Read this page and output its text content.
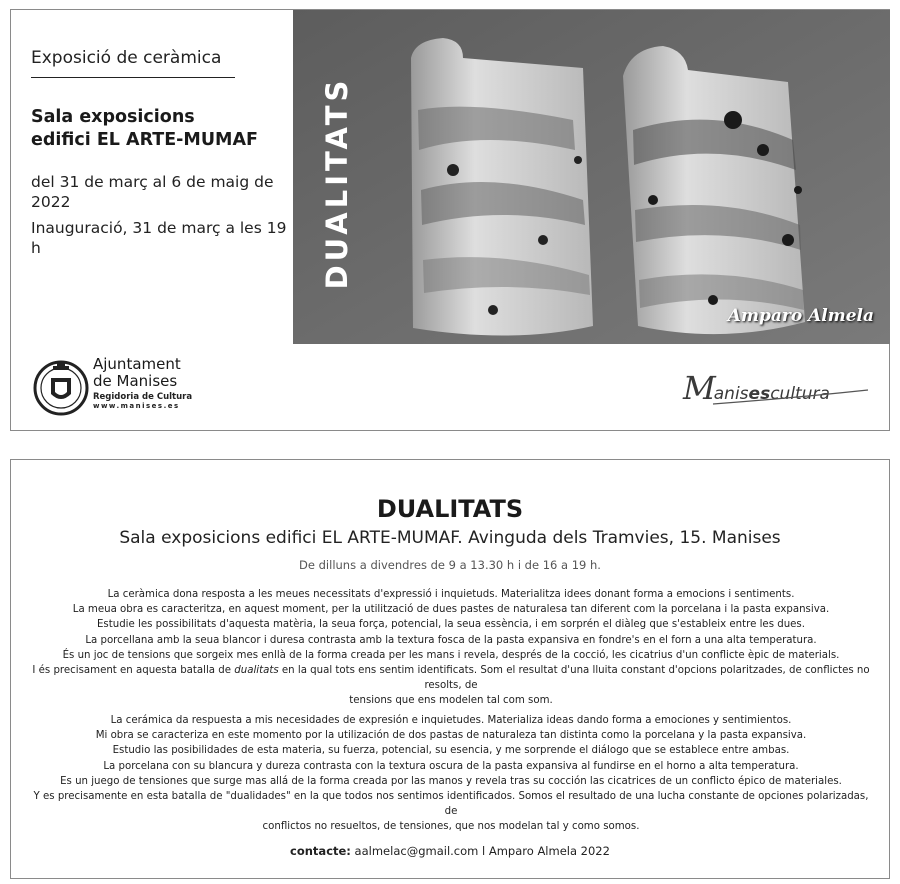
Exposició de ceràmica
Sala exposicions
edifici EL ARTE-MUMAF
del 31 de març al 6 de maig de 2022
Inauguració, 31 de març a les 19 h	DUALITATS
Amparo Almela
Ajuntament
de Manises
Regidoria de Cultura
www.manises.es	Manisescultura
DUALITATS
Sala exposicions edifici EL ARTE-MUMAF. Avinguda dels Tramvies, 15. Manises
De dilluns a divendres de 9 a 13.30 h i de 16 a 19 h.

La ceràmica dona resposta a les meues necessitats d'expressió i inquietuds. Materialitza idees donant forma a emocions i sentiments.

La meua obra es caracteritza, en aquest moment, per la utilització de dues pastes de naturalesa tan diferent com la porcelana i la pasta expansiva.

Estudie les possibilitats d'aquesta matèria, la seua força, potencial, la seua essència, i em sorprén el diàleg que s'estableix entre les dues.

La porcellana amb la seua blancor i duresa contrasta amb la textura fosca de la pasta expansiva en fondre's en el forn a una alta temperatura.

És un joc de tensions que sorgeix mes enllà de la forma creada per les mans i revela, després de la cocció, les cicatrius d'un conflicte èpic de materials.

I és precisament en aquesta batalla de dualitats en la qual tots ens sentim identificats. Som el resultat d'una lluita constant d'opcions polaritzades, de conflictes no resolts, de

tensions que ens modelen tal com som.

La cerámica da respuesta a mis necesidades de expresión e inquietudes. Materializa ideas dando forma a emociones y sentimientos.

Mi obra se caracteriza en este momento por la utilización de dos pastas de naturaleza tan distinta como la porcelana y la pasta expansiva.

Estudio las posibilidades de esta materia, su fuerza, potencial, su esencia, y me sorprende el diálogo que se establece entre ambas.

La porcelana con su blancura y dureza contrasta con la textura oscura de la pasta expansiva al fundirse en el horno a alta temperatura.

Es un juego de tensiones que surge mas allá de la forma creada por las manos y revela tras su cocción las cicatrices de un conflicto épico de materiales.

Y es precisamente en esta batalla de "dualidades" en la que todos nos sentimos identificados. Somos el resultado de una lucha constante de opciones polarizadas, de

conflictos no resueltos, de tensiones, que nos modelan tal y como somos.

contacte: aalmelac@gmail.com l Amparo Almela 2022
